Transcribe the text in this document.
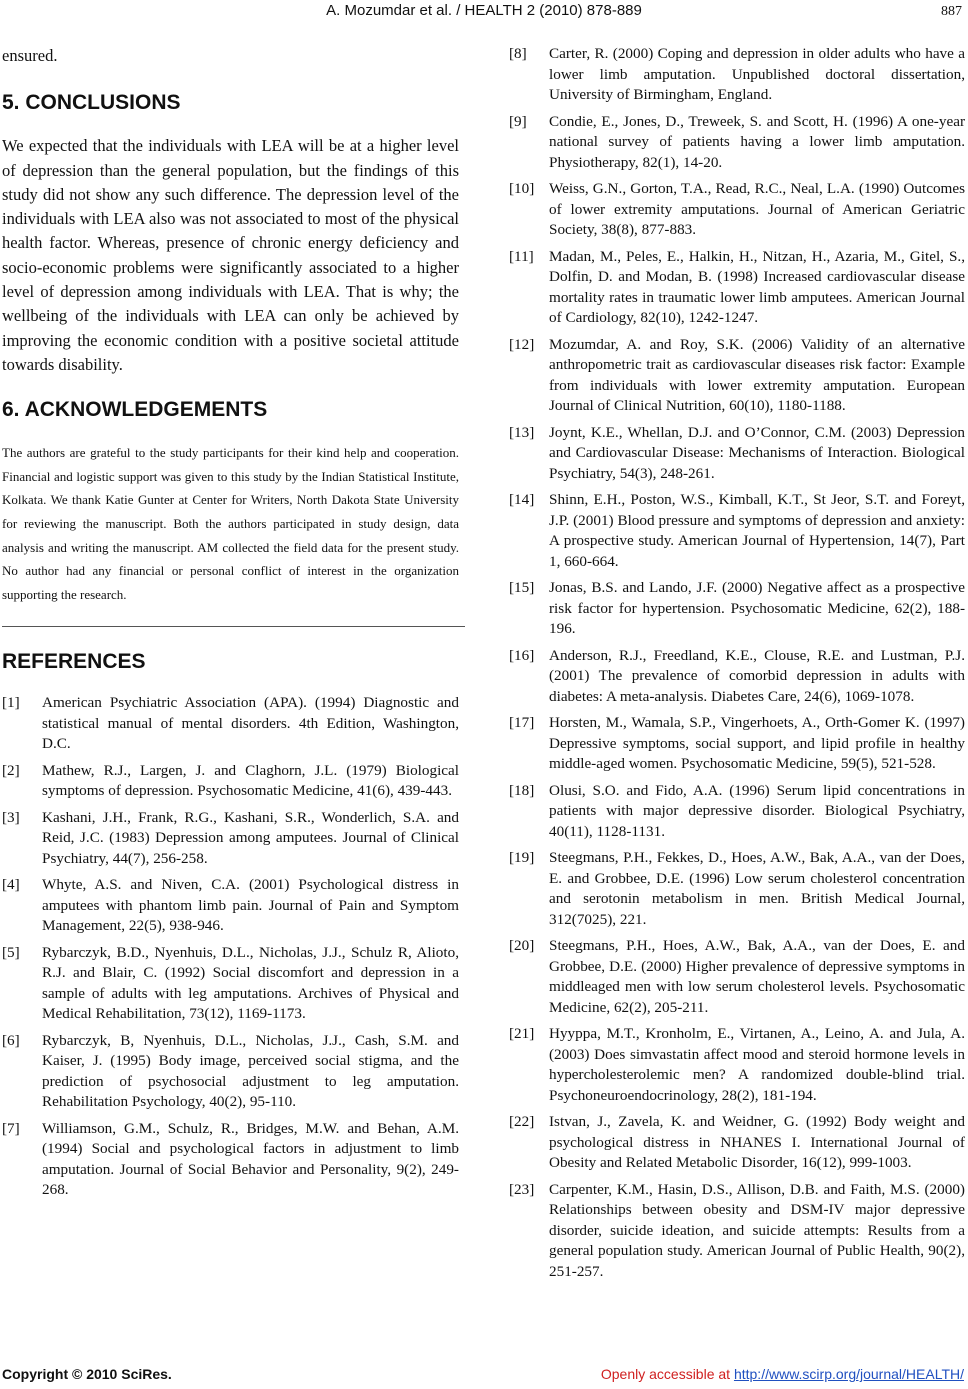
A. Mozumdar et al. / HEALTH 2 (2010) 878-889	887

ensured.

5. CONCLUSIONS

We expected that the individuals with LEA will be at a higher level of depression than the general population, but the findings of this study did not show any such difference. The depression level of the individuals with LEA also was not associated to most of the physical health factor. Whereas, presence of chronic energy deficiency and socio-economic problems were significantly associated to a higher level of depression among individuals with LEA. That is why; the wellbeing of the individuals with LEA can only be achieved by improving the economic condition with a positive societal attitude towards disability.

6. ACKNOWLEDGEMENTS

The authors are grateful to the study participants for their kind help and cooperation. Financial and logistic support was given to this study by the Indian Statistical Institute, Kolkata. We thank Katie Gunter at Center for Writers, North Dakota State University for reviewing the manuscript. Both the authors participated in study design, data analysis and writing the manuscript. AM collected the field data for the present study. No author had any financial or personal conflict of interest in the organization supporting the research.

REFERENCES
[1]	American Psychiatric Association (APA). (1994) Diagnostic and statistical manual of mental disorders. 4th Edition, Washington, D.C.
[2]	Mathew, R.J., Largen, J. and Claghorn, J.L. (1979) Biological symptoms of depression. Psychosomatic Medicine, 41(6), 439-443.
[3]	Kashani, J.H., Frank, R.G., Kashani, S.R., Wonderlich, S.A. and Reid, J.C. (1983) Depression among amputees. Journal of Clinical Psychiatry, 44(7), 256-258.
[4]	Whyte, A.S. and Niven, C.A. (2001) Psychological distress in amputees with phantom limb pain. Journal of Pain and Symptom Management, 22(5), 938-946.
[5]	Rybarczyk, B.D., Nyenhuis, D.L., Nicholas, J.J., Schulz R, Alioto, R.J. and Blair, C. (1992) Social discomfort and depression in a sample of adults with leg amputations. Archives of Physical and Medical Rehabilitation, 73(12), 1169-1173.
[6]	Rybarczyk, B, Nyenhuis, D.L., Nicholas, J.J., Cash, S.M. and Kaiser, J. (1995) Body image, perceived social stigma, and the prediction of psychosocial adjustment to leg amputation. Rehabilitation Psychology, 40(2), 95-110.
[7]	Williamson, G.M., Schulz, R., Bridges, M.W. and Behan, A.M. (1994) Social and psychological factors in adjustment to limb amputation. Journal of Social Behavior and Personality, 9(2), 249-268.
[8]	Carter, R. (2000) Coping and depression in older adults who have a lower limb amputation. Unpublished doctoral dissertation, University of Birmingham, England.
[9]	Condie, E., Jones, D., Treweek, S. and Scott, H. (1996) A one-year national survey of patients having a lower limb amputation. Physiotherapy, 82(1), 14-20.
[10] Weiss, G.N., Gorton, T.A., Read, R.C., Neal, L.A. (1990) Outcomes of lower extremity amputations. Journal of American Geriatric Society, 38(8), 877-883.
[11]	Madan, M., Peles, E., Halkin, H., Nitzan, H., Azaria, M., Gitel, S., Dolfin, D. and Modan, B. (1998) Increased cardiovascular disease mortality rates in traumatic lower limb amputees. American Journal of Cardiology, 82(10), 1242-1247.
[12] Mozumdar, A. and Roy, S.K. (2006) Validity of an alternative anthropometric trait as cardiovascular diseases risk factor: Example from individuals with lower extremity amputation. European Journal of Clinical Nutrition, 60(10), 1180-1188.
[13] Joynt, K.E., Whellan, D.J. and O’Connor, C.M. (2003) Depression and Cardiovascular Disease: Mechanisms of Interaction. Biological Psychiatry, 54(3), 248-261.
[14] Shinn, E.H., Poston, W.S., Kimball, K.T., St Jeor, S.T. and Foreyt, J.P. (2001) Blood pressure and symptoms of depression and anxiety: A prospective study. American Journal of Hypertension, 14(7), Part 1, 660-664.
[15] Jonas, B.S. and Lando, J.F. (2000) Negative affect as a prospective risk factor for hypertension. Psychosomatic Medicine, 62(2), 188-196.
[16] Anderson, R.J., Freedland, K.E., Clouse, R.E. and Lustman, P.J. (2001) The prevalence of comorbid depression in adults with diabetes: A meta-analysis. Diabetes Care, 24(6), 1069-1078.
[17] Horsten, M., Wamala, S.P., Vingerhoets, A., Orth-Gomer K. (1997) Depressive symptoms, social support, and lipid profile in healthy middle-aged women. Psychosomatic Medicine, 59(5), 521-528.
[18] Olusi, S.O. and Fido, A.A. (1996) Serum lipid concentrations in patients with major depressive disorder. Biological Psychiatry, 40(11), 1128-1131.
[19] Steegmans, P.H., Fekkes, D., Hoes, A.W., Bak, A.A., van der Does, E. and Grobbee, D.E. (1996) Low serum cholesterol concentration and serotonin metabolism in men. British Medical Journal, 312(7025), 221.
[20] Steegmans, P.H., Hoes, A.W., Bak, A.A., van der Does, E. and Grobbee, D.E. (2000) Higher prevalence of depressive symptoms in middleaged men with low serum cholesterol levels. Psychosomatic Medicine, 62(2), 205-211.
[21] Hyyppa, M.T., Kronholm, E., Virtanen, A., Leino, A. and Jula, A. (2003) Does simvastatin affect mood and steroid hormone levels in hypercholesterolemic men? A randomized double-blind trial. Psychoneuroendocrinology, 28(2), 181-194.
[22] Istvan, J., Zavela, K. and Weidner, G. (1992) Body weight and psychological distress in NHANES I. International Journal of Obesity and Related Metabolic Disorder, 16(12), 999-1003.
[23] Carpenter, K.M., Hasin, D.S., Allison, D.B. and Faith, M.S. (2000) Relationships between obesity and DSM-IV major depressive disorder, suicide ideation, and suicide attempts: Results from a general population study. American Journal of Public Health, 90(2), 251-257.
Copyright © 2010 SciRes.	Openly accessible at http://www.scirp.org/journal/HEALTH/
